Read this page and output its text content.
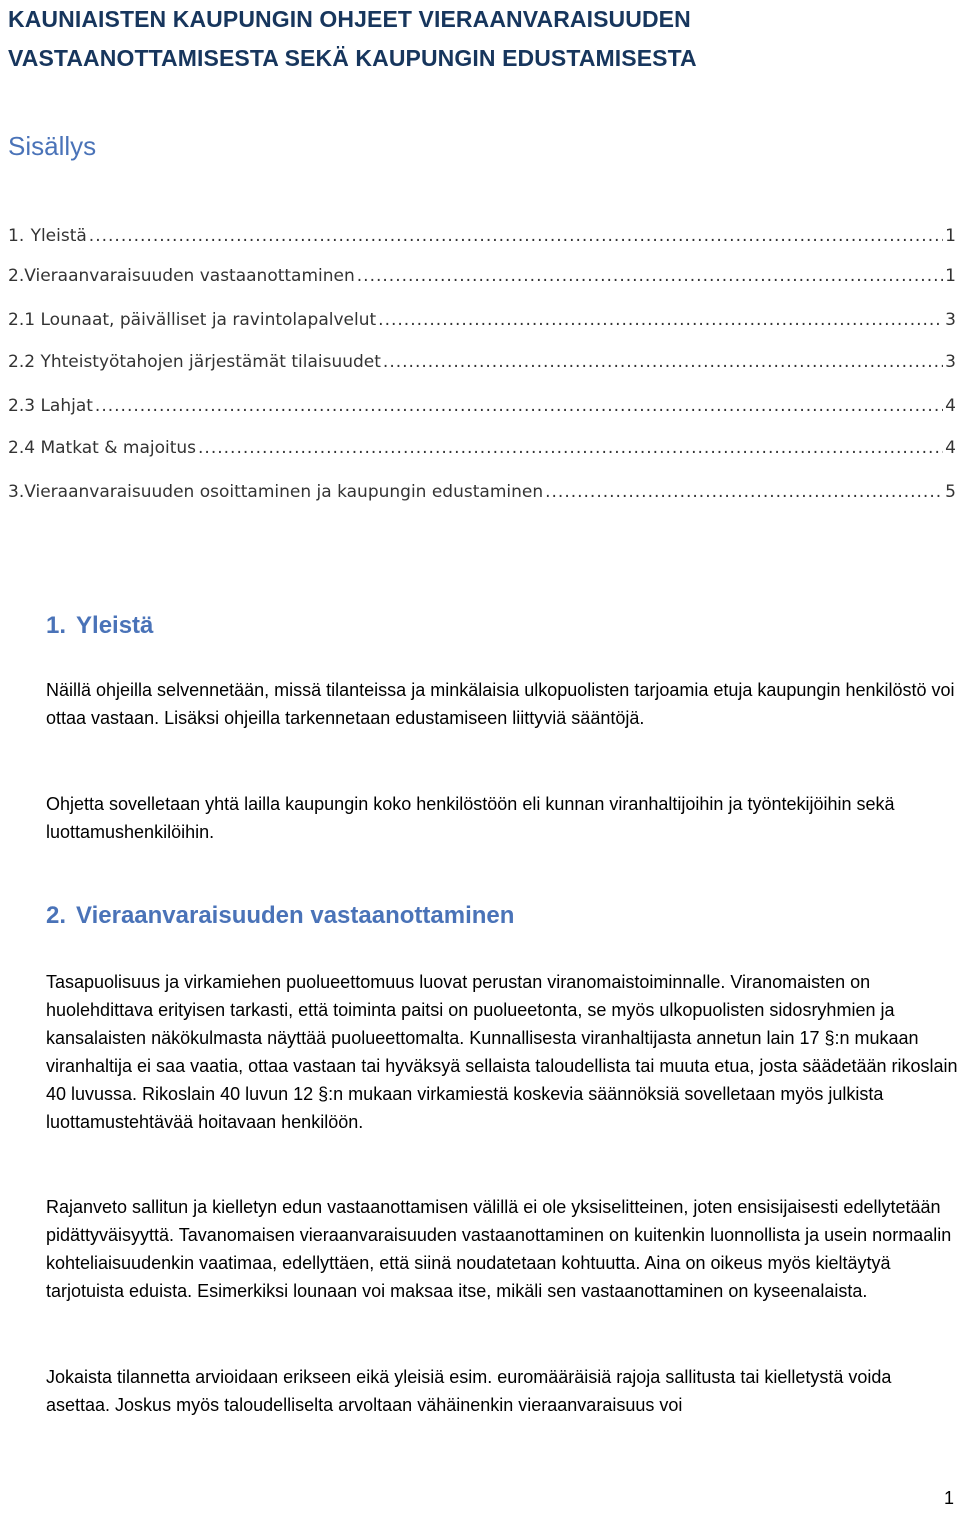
KAUNIAISTEN KAUPUNGIN OHJEET VIERAANVARAISUUDEN
VASTAANOTTAMISESTA SEKÄ KAUPUNGIN EDUSTAMISESTA
Sisällys
1. Yleistä .....	1
2. Vieraanvaraisuuden vastaanottaminen .....	1
2.1 Lounaat, päivälliset ja ravintolapalvelut .....	3
2.2 Yhteistyötahojen järjestämät tilaisuudet .....	3
2.3 Lahjat .....	4
2.4 Matkat & majoitus .....	4
3. Vieraanvaraisuuden osoittaminen ja kaupungin edustaminen .....	5
1. Yleistä

Näillä ohjeilla selvennetään, missä tilanteissa ja minkälaisia ulkopuolisten tarjoamia etuja kaupungin henkilöstö voi ottaa vastaan. Lisäksi ohjeilla tarkennetaan edustamiseen liittyviä sääntöjä.

Ohjetta sovelletaan yhtä lailla kaupungin koko henkilöstöön eli kunnan viranhaltijoihin ja työntekijöihin sekä luottamushenkilöihin.

2. Vieraanvaraisuuden vastaanottaminen

Tasapuolisuus ja virkamiehen puolueettomuus luovat perustan viranomaistoiminnalle. Viranomaisten on huolehdittava erityisen tarkasti, että toiminta paitsi on puolueetonta, se myös ulkopuolisten sidosryhmien ja kansalaisten näkökulmasta näyttää puolueettomalta. Kunnallisesta viranhaltijasta annetun lain 17 §:n mukaan viranhaltija ei saa vaatia, ottaa vastaan tai hyväksyä sellaista taloudellista tai muuta etua, josta säädetään rikoslain 40 luvussa. Rikoslain 40 luvun 12 §:n mukaan virkamiestä koskevia säännöksiä sovelletaan myös julkista luottamustehtävää hoitavaan henkilöön.

Rajanveto sallitun ja kielletyn edun vastaanottamisen välillä ei ole yksiselitteinen, joten ensisijaisesti edellytetään pidättyväisyyttä. Tavanomaisen vieraanvaraisuuden vastaanottaminen on kuitenkin luonnollista ja usein normaalin kohteliaisuudenkin vaatimaa, edellyttäen, että siinä noudatetaan kohtuutta. Aina on oikeus myös kieltäytyä tarjotuista eduista. Esimerkiksi lounaan voi maksaa itse, mikäli sen vastaanottaminen on kyseenalaista.

Jokaista tilannetta arvioidaan erikseen eikä yleisiä esim. euromääräisiä rajoja sallitusta tai kielletystä voida asettaa. Joskus myös taloudelliselta arvoltaan vähäinenkin vieraanvaraisuus voi

1
